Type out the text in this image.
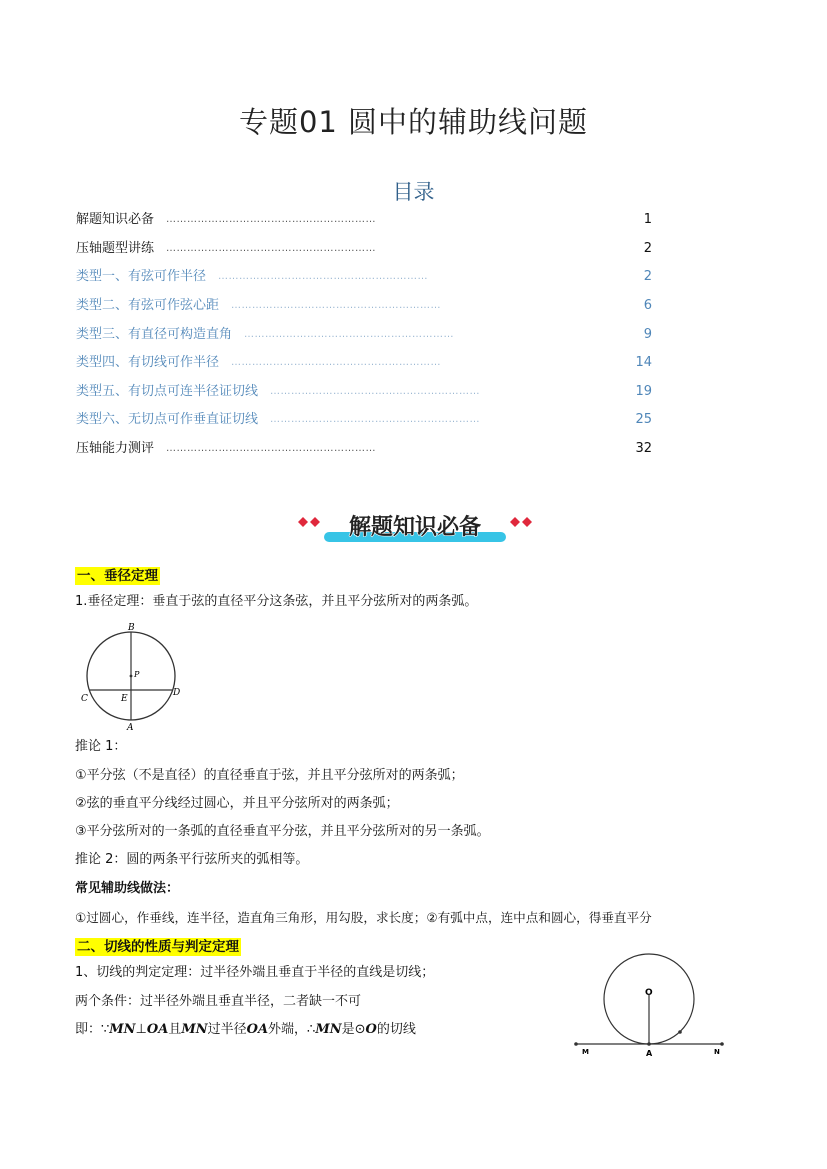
专题01 圆中的辅助线问题
目录
解题知识必备 ……………………………………………………	1
压轴题型讲练 ……………………………………………………	2
类型一、有弦可作半径 ……………………………………………………	2
类型二、有弦可作弦心距 ……………………………………………………	6
类型三、有直径可构造直角 ……………………………………………………	9
类型四、有切线可作半径 ……………………………………………………	14
类型五、有切点可连半径证切线 ……………………………………………………	19
类型六、无切点可作垂直证切线 ……………………………………………………	25
压轴能力测评 ……………………………………………………	32
解题知识必备
一、垂径定理
1.垂径定理：垂直于弦的直径平分这条弦，并且平分弦所对的两条弧。
B
P
C	E
D
A
推论 1：
①平分弦（不是直径）的直径垂直于弦，并且平分弦所对的两条弧；
②弦的垂直平分线经过圆心，并且平分弦所对的两条弧；
③平分弦所对的一条弧的直径垂直平分弦，并且平分弦所对的另一条弧。
推论 2：圆的两条平行弦所夹的弧相等。
常见辅助线做法：
①过圆心，作垂线，连半径，造直角三角形，用勾股，求长度；②有弧中点，连中点和圆心，得垂直平分
二、切线的性质与判定定理
1、切线的判定定理：过半径外端且垂直于半径的直线是切线；
两个条件：过半径外端且垂直半径，二者缺一不可
即：∵MN⊥OA且MN过半径OA外端，∴MN是⊙O的切线
O
M	A	N
